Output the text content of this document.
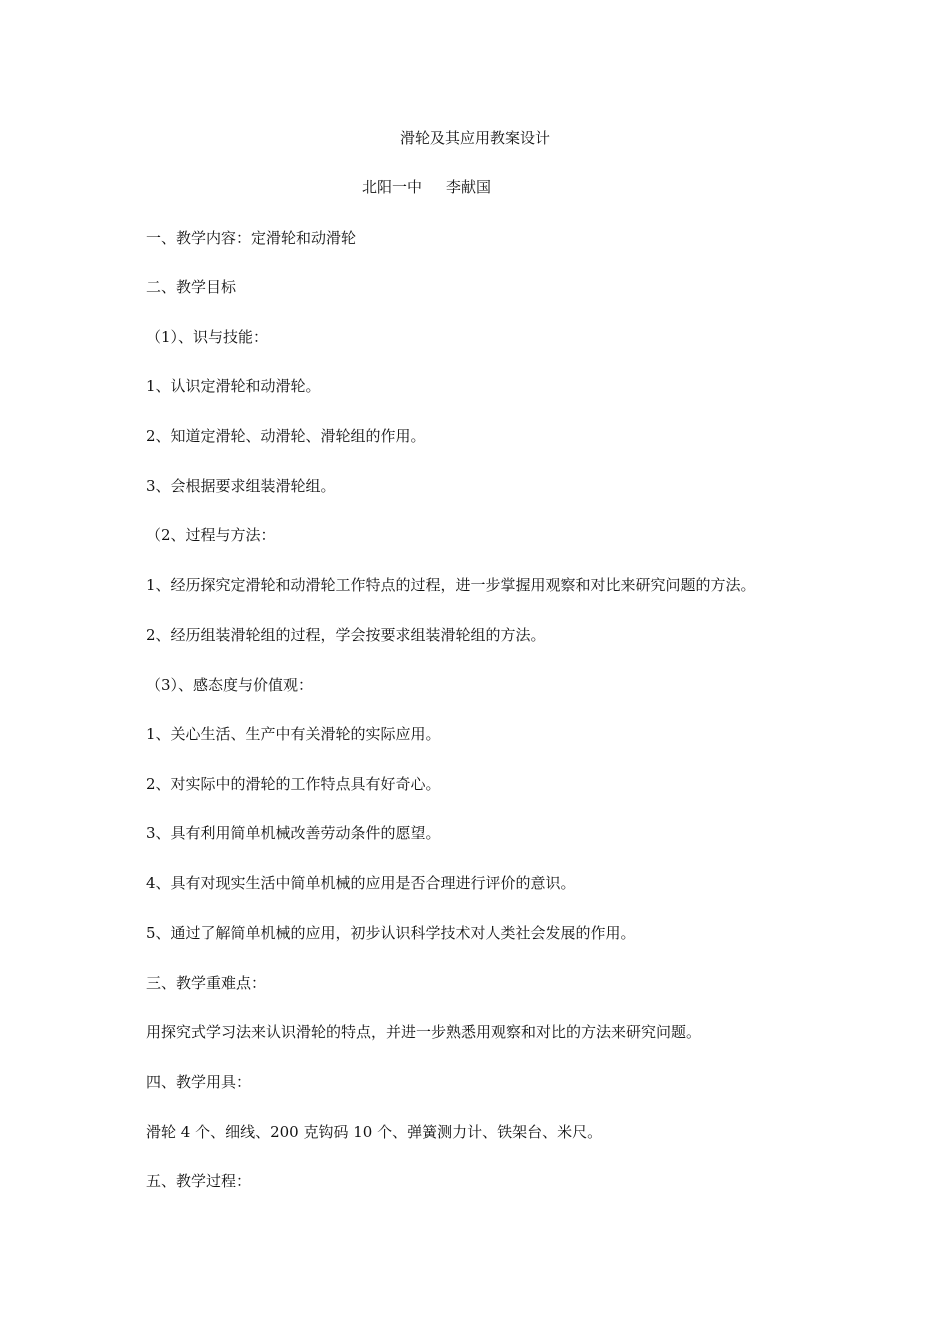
滑轮及其应用教案设计
北阳一中 李献国
一、教学内容：定滑轮和动滑轮
二、教学目标
（1）、识与技能：
1、认识定滑轮和动滑轮。
2、知道定滑轮、动滑轮、滑轮组的作用。
3、会根据要求组装滑轮组。
（2、过程与方法：
1、经历探究定滑轮和动滑轮工作特点的过程，进一步掌握用观察和对比来研究问题的方法。
2、经历组装滑轮组的过程，学会按要求组装滑轮组的方法。
（3）、感态度与价值观：
1、关心生活、生产中有关滑轮的实际应用。
2、对实际中的滑轮的工作特点具有好奇心。
3、具有利用简单机械改善劳动条件的愿望。
4、具有对现实生活中简单机械的应用是否合理进行评价的意识。
5、通过了解简单机械的应用，初步认识科学技术对人类社会发展的作用。
三、教学重难点：
用探究式学习法来认识滑轮的特点，并进一步熟悉用观察和对比的方法来研究问题。
四、教学用具：
滑轮 4 个、细线、200 克钩码 10 个、弹簧测力计、铁架台、米尺。
五、教学过程：
